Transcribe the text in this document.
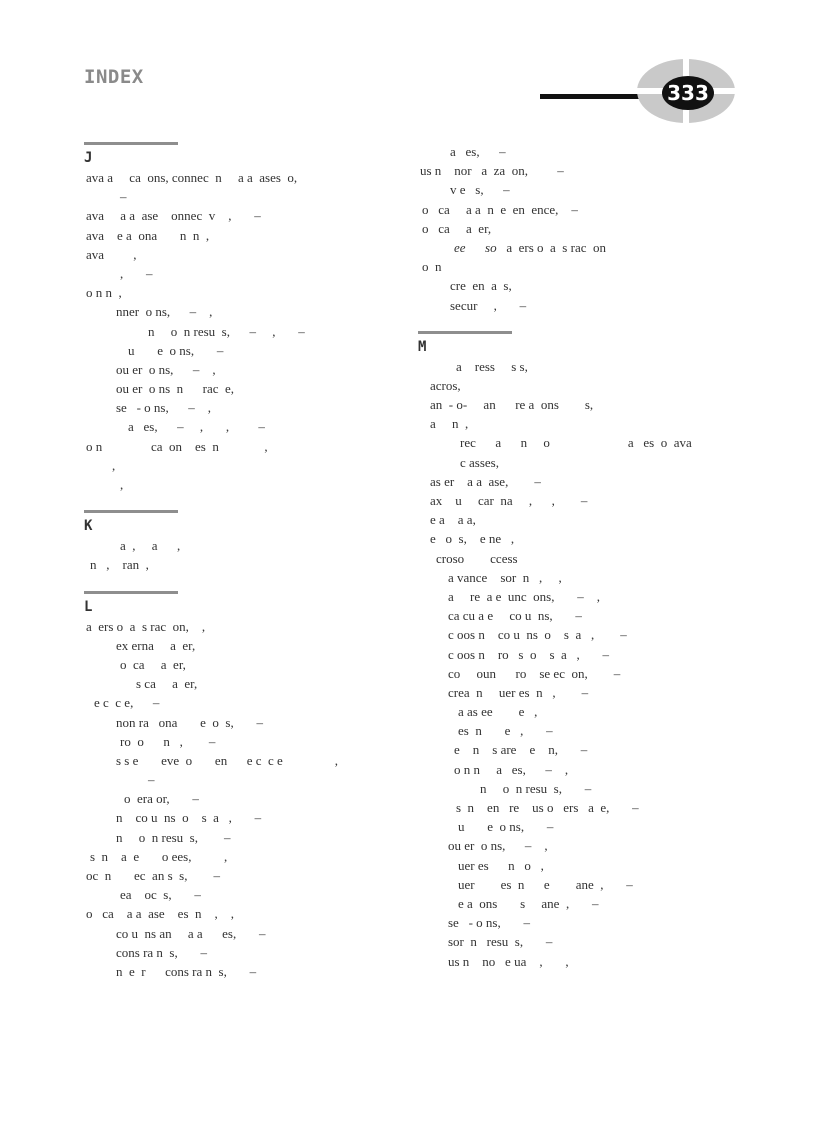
INDEX
333
J
ava a     ca  ons, connec  n     a a  ases  o,
–
ava     a a  ase    onnec  v    ,       –
ava    e a  ona       n  n  ,
ava         ,
,       –
o n n  ,
nner  o ns,      –    ,
n     o  n resu  s,      –     ,       –
u       e  o ns,       –
ou er  o ns,      –    ,
ou er  o ns  n      rac  e,
se   - o ns,      –    ,
a   es,      –     ,       ,         –
o n               ca  on    es  n              ,
,
,
K
a  ,     a      ,
n   ,    ran  ,
L
a  ers o  a  s rac  on,    ,
ex erna     a  er,
o  ca     a  er,
s ca     a  er,
e c  c e,      –
non ra   ona       e  o  s,       –
ro  o      n   ,        –
s s e       eve  o       en      e c  c e                ,
–
o  era or,       –
n    co u  ns  o    s  a   ,       –
n     o  n resu  s,        –
s  n    a  e       o ees,          ,
oc  n       ec  an s  s,        –
ea    oc  s,       –
o   ca    a a  ase    es  n    ,    ,
co u  ns an     a a      es,       –
cons ra n  s,       –
n  e  r      cons ra n  s,       –
a   es,      –
us n    nor   a  za  on,         –
v e   s,      –
o   ca     a a  n  e  en  ence,    –
o   ca     a  er,
ee      so   a  ers o  a  s rac  on
o  n
cre  en  a  s,
secur     ,       –
M
a    ress     s s,
acros,
an  - o-     an      re a  ons        s,
a     n  ,
rec      a      n     o                        a   es  o  ava
c asses,
as er    a a  ase,        –
ax    u     car  na     ,      ,        –
e a    a a,
e   o  s,    e ne   ,
croso        ccess
a vance    sor  n   ,     ,
a     re  a e  unc  ons,       –    ,
ca cu a e     co u  ns,       –
c oos n    co u  ns  o    s  a   ,        –
c oos n    ro   s  o    s  a   ,       –
co     oun      ro    se ec  on,        –
crea  n     uer es  n   ,        –
a as ee        e   ,
es  n       e   ,       –
e    n    s are    e    n,       –
o n n     a   es,      –    ,
n     o  n resu  s,       –
s  n    en   re    us o   ers   a  e,       –
u       e  o ns,       –
ou er  o ns,      –    ,
uer es      n   o   ,
uer        es  n      e        ane  ,       –
e a  ons       s     ane  ,       –
se   - o ns,       –
sor  n   resu  s,       –
us n    no   e ua    ,       ,
